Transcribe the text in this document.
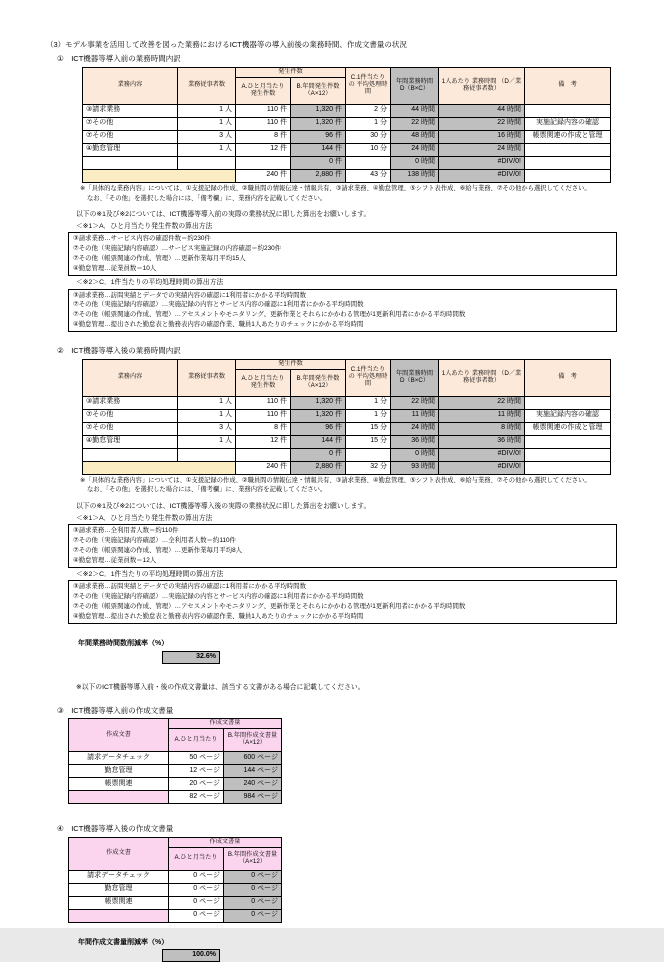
（3）モデル事業を活用して改善を図った業務におけるICT機器等の導入前後の業務時間、作成文書量の状況
①　ICT機器等導入前の業務時間内訳
業務内容	業務従事者数	発生件数		C.1件当たりの 平均処理時間	年間業務時間 D（B×C）	1人あたり 業務時間 （D／業務従事者数）	備　考
		A.ひと月当たり 発生件数	B.年間発生件数 （A×12）				
③請求業務	1 人	110 件	1,320 件	2 分	44 時間	44 時間	
⑦その他	1 人	110 件	1,320 件	1 分	22 時間	22 時間	実施記録内容の確認
⑦その他	3 人	8 件	96 件	30 分	48 時間	16 時間	帳票関連の作成と管理
④勤怠管理	1 人	12 件	144 件	10 分	24 時間	24 時間	
			0 件		0 時間	#DIV/0!	
		240 件	2,880 件	43 分	138 時間	#DIV/0!	
※「具体的な業務内容」については、①支援記録の作成、②職員間の情報伝達・情報共有、③請求業務、④勤怠管理、⑤シフト表作成、⑥給与業務、⑦その他から選択してください。
なお、「その他」を選択した場合には、「備考欄」に、業務内容を記載してください。
以下の※1及び※2については、ICT機器等導入前の実際の業務状況に即した算出をお願いします。
＜※1＞A．ひと月当たり発生件数の算出方法
③請求業務…サービス内容の確認件数＝約230件
⑦その他（実施記録内容確認）…サービス実施記録の内容確認＝約230件
⑦その他（帳票関連の作成、管理）…更新作業毎月平均15人
④勤怠管理…従業員数＝10人
＜※2＞C．1件当たりの平均処理時間の算出方法
③請求業務…訪問実績とデータでの実績内容の確認に1利用者にかかる平均時間数
⑦その他（実施記録内容確認）…実施記録の内容とサービス内容の確認に1利用者にかかる平均時間数
⑦その他（帳票関連の作成、管理）…アセスメントやモニタリング、更新作業とそれらにかかわる管理が1更新利用者にかかる平均時間数
④勤怠管理…提出された勤怠表と勤務表内容の確認作業、職員1人あたりのチェックにかかる平均時間
②　ICT機器等導入後の業務時間内訳
業務内容	業務従事者数	発生件数		C.1件当たりの 平均処理時間	年間業務時間 D（B×C）	1人あたり 業務時間 （D／業務従事者数）	備　考
		A.ひと月当たり 発生件数	B.年間発生件数 （A×12）				
③請求業務	1 人	110 件	1,320 件	1 分	22 時間	22 時間	
⑦その他	1 人	110 件	1,320 件	1 分	11 時間	11 時間	実施記録内容の確認
⑦その他	3 人	8 件	96 件	15 分	24 時間	8 時間	帳票関連の作成と管理
④勤怠管理	1 人	12 件	144 件	15 分	36 時間	36 時間	
			0 件		0 時間	#DIV/0!	
		240 件	2,880 件	32 分	93 時間	#DIV/0!	
※「具体的な業務内容」については、①支援記録の作成、②職員間の情報伝達・情報共有、③請求業務、④勤怠管理、⑤シフト表作成、⑥給与業務、⑦その他から選択してください。
なお、「その他」を選択した場合には、「備考欄」に、業務内容を記載してください。
以下の※1及び※2については、ICT機器等導入後の実際の業務状況に即した算出をお願いします。
＜※1＞A．ひと月当たり発生件数の算出方法
③請求業務…全利用者人数＝約110件
⑦その他（実施記録内容確認）…全利用者人数＝約110件
⑦その他（帳票関連の作成、管理）…更新作業毎月平均8人
④勤怠管理…従業員数＝12人
＜※2＞C．1件当たりの平均処理時間の算出方法
③請求業務…訪問実績とデータでの実績内容の確認に1利用者にかかる平均時間数
⑦その他（実施記録内容確認）…実施記録の内容とサービス内容の確認に1利用者にかかる平均時間数
⑦その他（帳票関連の作成、管理）…アセスメントやモニタリング、更新作業とそれらにかかわる管理が1更新利用者にかかる平均時間数
④勤怠管理…提出された勤怠表と勤務表内容の確認作業、職員1人あたりのチェックにかかる平均時間
年間業務時間数削減率（%）
32.6%
※以下のICT機器等導入前・後の作成文書量は、該当する文書がある場合に記載してください。
③　ICT機器等導入前の作成文書量
作成文書	作成文書量	
	A.ひと月当たり	B.年間作成文書量 （A×12）
請求データチェック	50 ページ	600 ページ
勤怠管理	12 ページ	144 ページ
帳票関連	20 ページ	240 ページ
	82 ページ	984 ページ
④　ICT機器等導入後の作成文書量
作成文書	作成文書量	
	A.ひと月当たり	B.年間作成文書量 （A×12）
請求データチェック	0 ページ	0 ページ
勤怠管理	0 ページ	0 ページ
帳票関連	0 ページ	0 ページ
	0 ページ	0 ページ
年間作成文書量削減率（%）
100.0%
